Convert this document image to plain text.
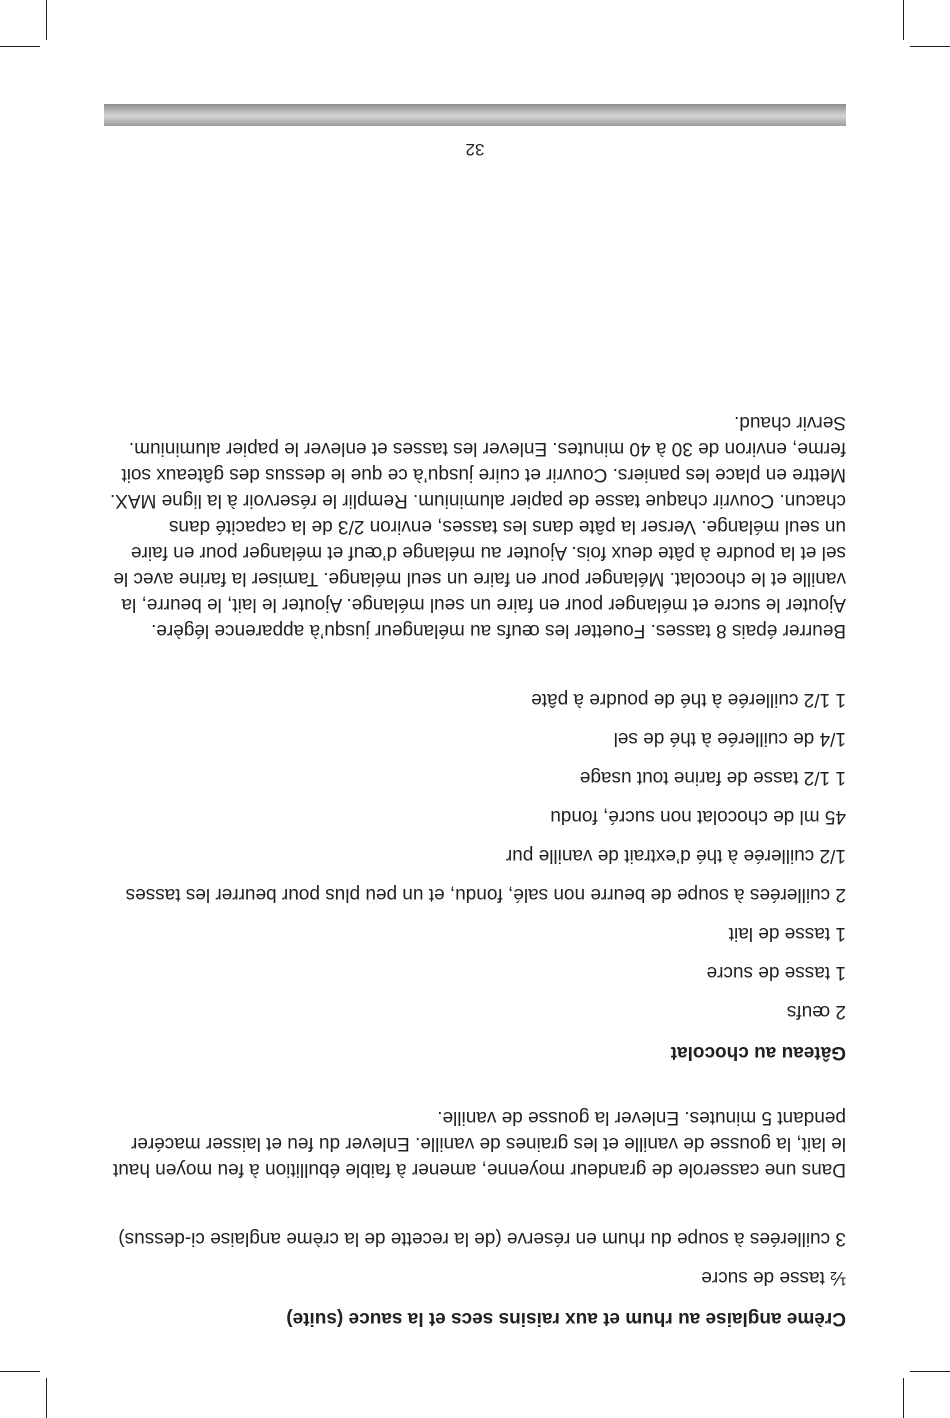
Crème anglaise au rhum et aux raisins secs et la sauce (suite)

½ tasse de sucre

3 cuillerées à soupe du rhum en réserve (de la recette de la crème anglaise ci-dessus)

Dans une casserole de grandeur moyenne, amener à faible ébullition à feu moyen haut le lait, la gousse de vanille et les graines de vanille. Enlever du feu et laisser macérer pendant 5 minutes. Enlever la gousse de vanille.

Gâteau au chocolat

2 œufs

1 tasse de sucre

1 tasse de lait

2 cuillerées à soupe de beurre non salé, fondu, et un peu plus pour beurrer les tasses

1/2 cuillerée à thé d’extrait de vanille pur

45 ml de chocolat non sucré, fondu

1 1/2 tasse de farine tout usage

1/4 de cuillerée à thé de sel

1 1/2 cuillerée à thé de poudre à pâte

Beurrer épais 8 tasses. Fouetter les œufs au mélangeur jusqu’à apparence légère. Ajouter le sucre et mélanger pour en faire un seul mélange. Ajouter le lait, le beurre, la vanille et le chocolat. Mélanger pour en faire un seul mélange. Tamiser la farine avec le sel et la poudre à pâte deux fois. Ajouter au mélange d’œuf et mélanger pour en faire un seul mélange. Verser la pâte dans les tasses, environ 2/3 de la capacité dans chacun. Couvrir chaque tasse de papier aluminium. Remplir le réservoir à la ligne MAX. Mettre en place les paniers. Couvrir et cuire jusqu’à ce que le dessus des gâteaux soit ferme, environ de 30 à 40 minutes. Enlever les tasses et enlever le papier aluminium. Servir chaud.

32
